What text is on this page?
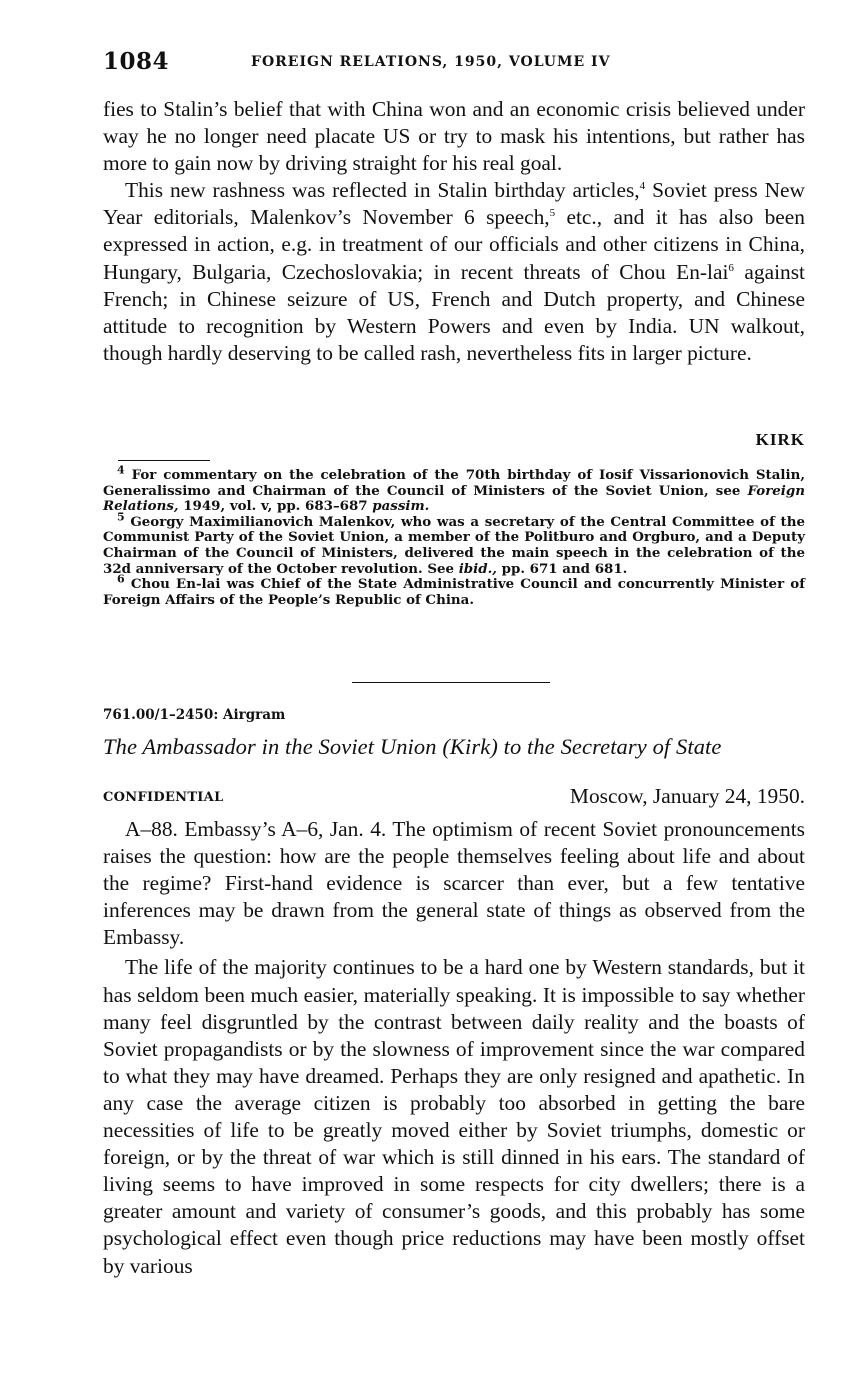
1084	FOREIGN RELATIONS, 1950, VOLUME IV

fies to Stalin’s belief that with China won and an economic crisis believed under way he no longer need placate US or try to mask his intentions, but rather has more to gain now by driving straight for his real goal.

This new rashness was reflected in Stalin birthday articles,$^4$ Soviet press New Year editorials, Malenkov’s November 6 speech,$^5$ etc., and it has also been expressed in action, e.g. in treatment of our officials and other citizens in China, Hungary, Bulgaria, Czechoslovakia; in recent threats of Chou En-lai$^6$ against French; in Chinese seizure of US, French and Dutch property, and Chinese attitude to recognition by Western Powers and even by India. UN walkout, though hardly deserving to be called rash, nevertheless fits in larger picture.

KIRK

$^4$ For commentary on the celebration of the 70th birthday of Iosif Vissarionovich Stalin, Generalissimo and Chairman of the Council of Ministers of the Soviet Union, see Foreign Relations, 1949, vol. v, pp. 683–687 passim.

$^5$ Georgy Maximilianovich Malenkov, who was a secretary of the Central Committee of the Communist Party of the Soviet Union, a member of the Politburo and Orgburo, and a Deputy Chairman of the Council of Ministers, delivered the main speech in the celebration of the 32d anniversary of the October revolution. See ibid., pp. 671 and 681.

$^6$ Chou En-lai was Chief of the State Administrative Council and concurrently Minister of Foreign Affairs of the People’s Republic of China.

761.00/1–2450: Airgram
The Ambassador in the Soviet Union (Kirk) to the Secretary of State
CONFIDENTIAL	Moscow, January 24, 1950.

A–88. Embassy’s A–6, Jan. 4. The optimism of recent Soviet pronouncements raises the question: how are the people themselves feeling about life and about the regime? First-hand evidence is scarcer than ever, but a few tentative inferences may be drawn from the general state of things as observed from the Embassy.

The life of the majority continues to be a hard one by Western standards, but it has seldom been much easier, materially speaking. It is impossible to say whether many feel disgruntled by the contrast between daily reality and the boasts of Soviet propagandists or by the slowness of improvement since the war compared to what they may have dreamed. Perhaps they are only resigned and apathetic. In any case the average citizen is probably too absorbed in getting the bare necessities of life to be greatly moved either by Soviet triumphs, domestic or foreign, or by the threat of war which is still dinned in his ears. The standard of living seems to have improved in some respects for city dwellers; there is a greater amount and variety of consumer’s goods, and this probably has some psychological effect even though price reductions may have been mostly offset by various
